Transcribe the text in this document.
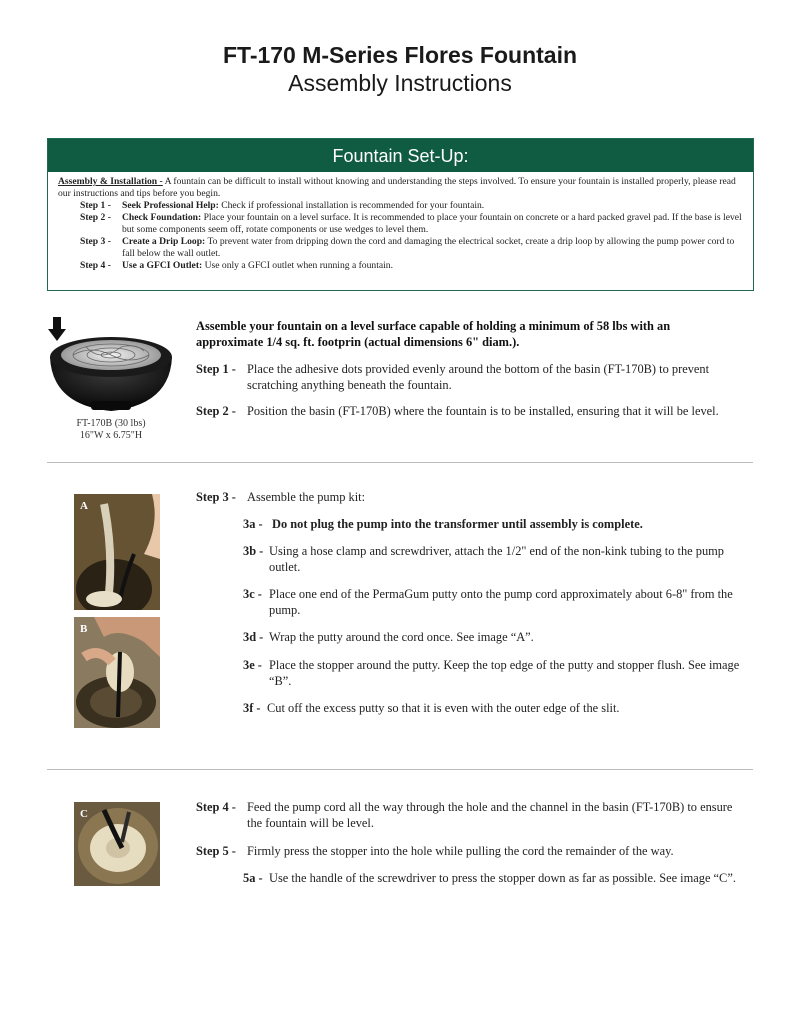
FT-170 M-Series Flores Fountain
Assembly Instructions
Fountain Set-Up:

Assembly & Installation - A fountain can be difficult to install without knowing and understanding the steps involved. To ensure your fountain is installed properly, please read our instructions and tips before you begin.

Step 1 -	Seek Professional Help: Check if professional installation is recommended for your fountain.
Step 2 -	Check Foundation: Place your fountain on a level surface. It is recommended to place your fountain on concrete or a hard packed gravel pad. If the base is level but some components seem off, rotate components or use wedges to level them.
Step 3 -	Create a Drip Loop: To prevent water from dripping down the cord and damaging the electrical socket, create a drip loop by allowing the pump power cord to fall below the wall outlet.
Step 4 -	Use a GFCI Outlet: Use only a GFCI outlet when running a fountain.
FT-170B (30 lbs)
16"W x 6.75"H
Assemble your fountain on a level surface capable of holding a minimum of 58 lbs with an approximate 1/4 sq. ft. footprin (actual dimensions 6" diam.).
Step 1 - Place the adhesive dots provided evenly around the bottom of the basin (FT-170B) to prevent scratching anything beneath the fountain.
Step 2 - Position the basin (FT-170B) where the fountain is to be installed, ensuring that it will be level.
A
B
Step 3 - Assemble the pump kit:
3a - Do not plug the pump into the transformer until assembly is complete.
3b - Using a hose clamp and screwdriver, attach the 1/2" end of the non-kink tubing to the pump outlet.
3c - Place one end of the PermaGum putty onto the pump cord approximately about 6-8" from the pump.
3d - Wrap the putty around the cord once. See image “A”.
3e - Place the stopper around the putty. Keep the top edge of the putty and stopper flush. See image “B”.
3f - Cut off the excess putty so that it is even with the outer edge of the slit.
C	Step 4 - Feed the pump cord all the way through the hole and the channel in the basin (FT-170B) to ensure the fountain will be level.
Step 5 - Firmly press the stopper into the hole while pulling the cord the remainder of the way.
5a - Use the handle of the screwdriver to press the stopper down as far as possible. See image “C”.
